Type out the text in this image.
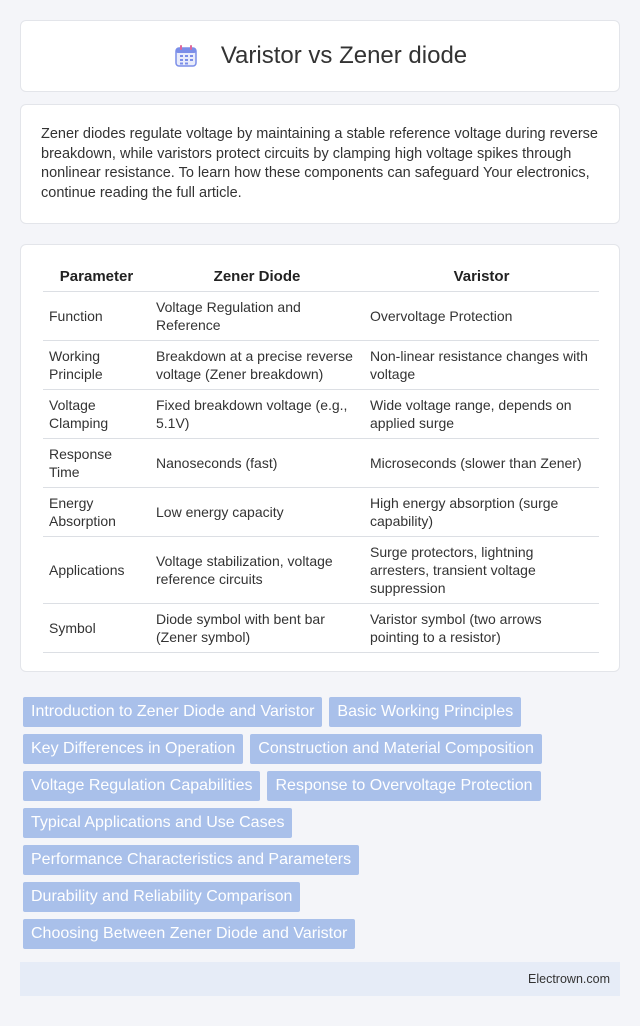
Varistor vs Zener diode

Zener diodes regulate voltage by maintaining a stable reference voltage during reverse breakdown, while varistors protect circuits by clamping high voltage spikes through nonlinear resistance. To learn how these components can safeguard Your electronics, continue reading the full article.

Parameter	Zener Diode	Varistor
Function	Voltage Regulation and Reference	Overvoltage Protection
Working Principle	Breakdown at a precise reverse voltage (Zener breakdown)	Non-linear resistance changes with voltage
Voltage Clamping	Fixed breakdown voltage (e.g., 5.1V)	Wide voltage range, depends on applied surge
Response Time	Nanoseconds (fast)	Microseconds (slower than Zener)
Energy Absorption	Low energy capacity	High energy absorption (surge capability)
Applications	Voltage stabilization, voltage reference circuits	Surge protectors, lightning arresters, transient voltage suppression
Symbol	Diode symbol with bent bar (Zener symbol)	Varistor symbol (two arrows pointing to a resistor)
Introduction to Zener Diode and Varistor	Basic Working Principles
Key Differences in Operation	Construction and Material Composition
Voltage Regulation Capabilities	Response to Overvoltage Protection
Typical Applications and Use Cases
Performance Characteristics and Parameters
Durability and Reliability Comparison
Choosing Between Zener Diode and Varistor
Electrown.com
